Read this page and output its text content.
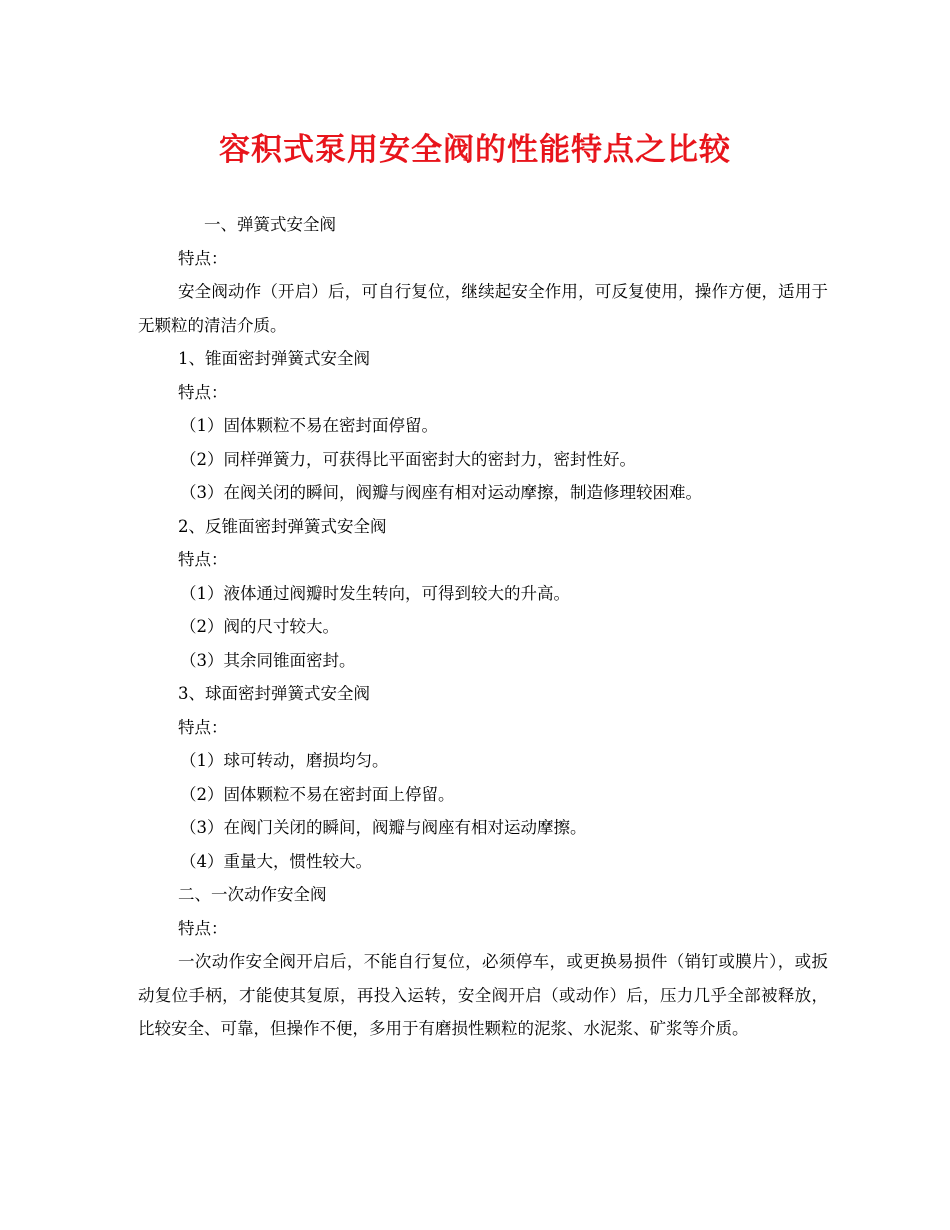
容积式泵用安全阀的性能特点之比较
一、弹簧式安全阀
特点：
安全阀动作（开启）后，可自行复位，继续起安全作用，可反复使用，操作方便，适用于无颗粒的清洁介质。
1、锥面密封弹簧式安全阀
特点：
（1）固体颗粒不易在密封面停留。
（2）同样弹簧力，可获得比平面密封大的密封力，密封性好。
（3）在阀关闭的瞬间，阀瓣与阀座有相对运动摩擦，制造修理较困难。
2、反锥面密封弹簧式安全阀
特点：
（1）液体通过阀瓣时发生转向，可得到较大的升高。
（2）阀的尺寸较大。
（3）其余同锥面密封。
3、球面密封弹簧式安全阀
特点：
（1）球可转动，磨损均匀。
（2）固体颗粒不易在密封面上停留。
（3）在阀门关闭的瞬间，阀瓣与阀座有相对运动摩擦。
（4）重量大，惯性较大。
二、一次动作安全阀
特点：
一次动作安全阀开启后，不能自行复位，必须停车，或更换易损件（销钉或膜片），或扳动复位手柄，才能使其复原，再投入运转，安全阀开启（或动作）后，压力几乎全部被释放，比较安全、可靠，但操作不便，多用于有磨损性颗粒的泥浆、水泥浆、矿浆等介质。
